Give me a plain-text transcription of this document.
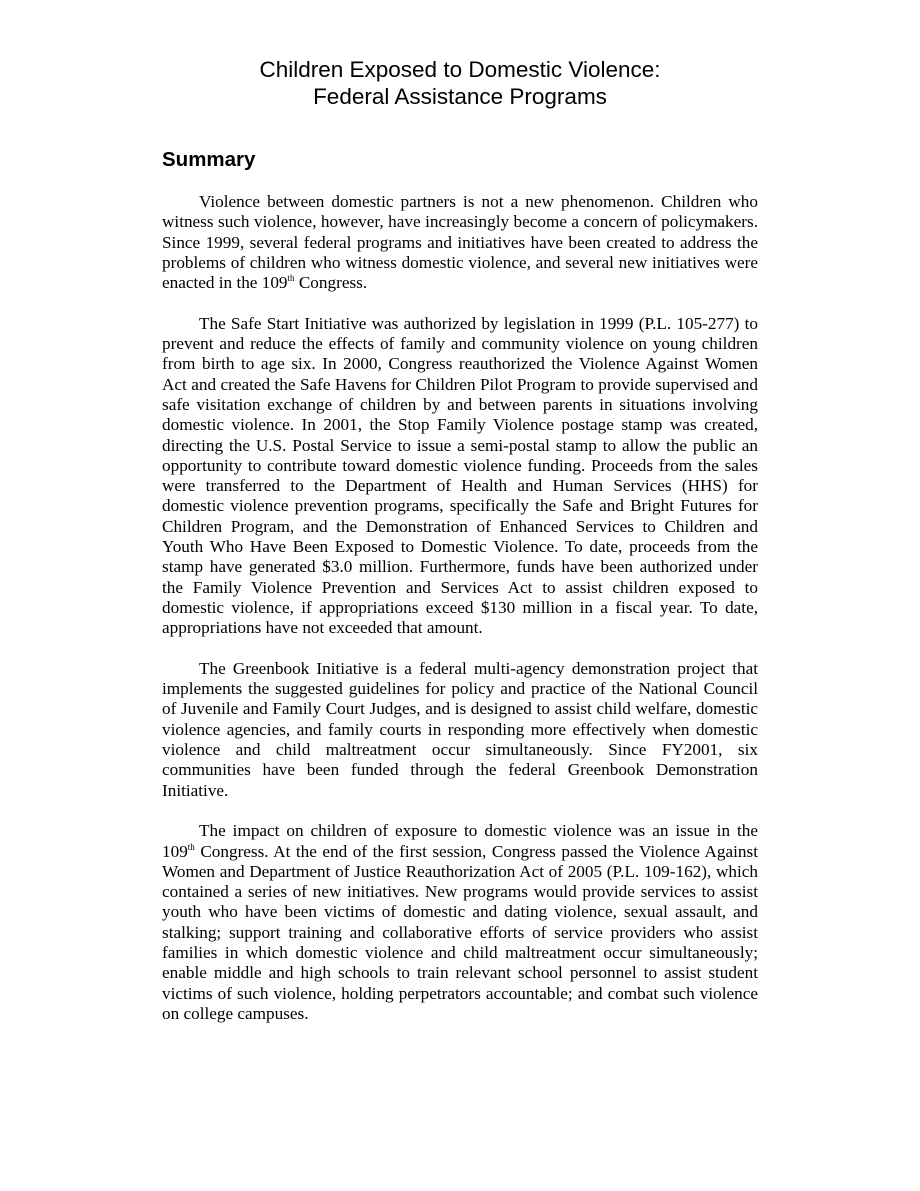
Children Exposed to Domestic Violence:
Federal Assistance Programs
Summary

Violence between domestic partners is not a new phenomenon. Children who witness such violence, however, have increasingly become a concern of policymakers. Since 1999, several federal programs and initiatives have been created to address the problems of children who witness domestic violence, and several new initiatives were enacted in the 109th Congress.

The Safe Start Initiative was authorized by legislation in 1999 (P.L. 105-277) to prevent and reduce the effects of family and community violence on young children from birth to age six. In 2000, Congress reauthorized the Violence Against Women Act and created the Safe Havens for Children Pilot Program to provide supervised and safe visitation exchange of children by and between parents in situations involving domestic violence. In 2001, the Stop Family Violence postage stamp was created, directing the U.S. Postal Service to issue a semi-postal stamp to allow the public an opportunity to contribute toward domestic violence funding. Proceeds from the sales were transferred to the Department of Health and Human Services (HHS) for domestic violence prevention programs, specifically the Safe and Bright Futures for Children Program, and the Demonstration of Enhanced Services to Children and Youth Who Have Been Exposed to Domestic Violence. To date, proceeds from the stamp have generated $3.0 million. Furthermore, funds have been authorized under the Family Violence Prevention and Services Act to assist children exposed to domestic violence, if appropriations exceed $130 million in a fiscal year. To date, appropriations have not exceeded that amount.

The Greenbook Initiative is a federal multi-agency demonstration project that implements the suggested guidelines for policy and practice of the National Council of Juvenile and Family Court Judges, and is designed to assist child welfare, domestic violence agencies, and family courts in responding more effectively when domestic violence and child maltreatment occur simultaneously. Since FY2001, six communities have been funded through the federal Greenbook Demonstration Initiative.

The impact on children of exposure to domestic violence was an issue in the 109th Congress. At the end of the first session, Congress passed the Violence Against Women and Department of Justice Reauthorization Act of 2005 (P.L. 109-162), which contained a series of new initiatives. New programs would provide services to assist youth who have been victims of domestic and dating violence, sexual assault, and stalking; support training and collaborative efforts of service providers who assist families in which domestic violence and child maltreatment occur simultaneously; enable middle and high schools to train relevant school personnel to assist student victims of such violence, holding perpetrators accountable; and combat such violence on college campuses.
